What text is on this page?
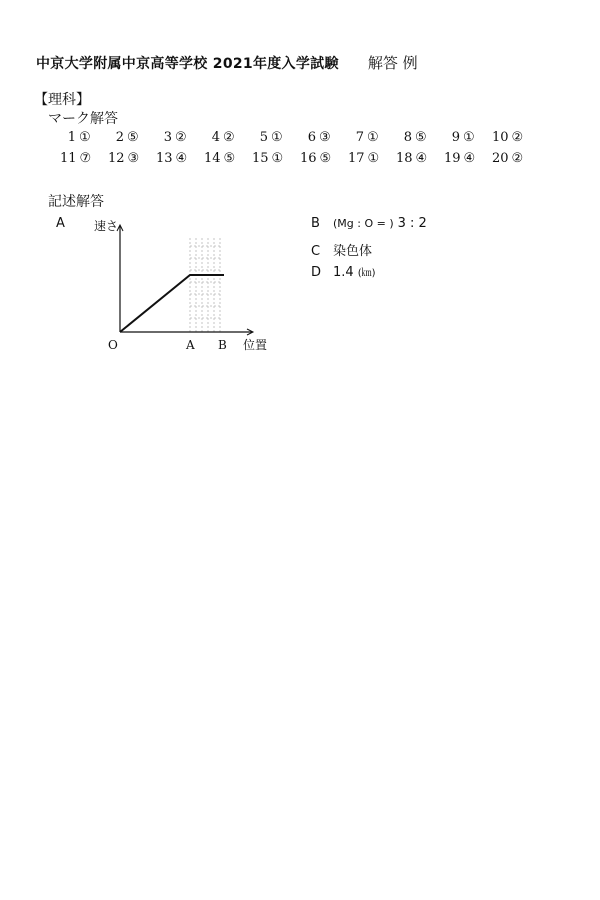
中京大学附属中京高等学校 2021年度入学試験 解答 例
【理科】
マーク解答
1 ① 2 ⑤ 3 ② 4 ② 5 ① 6 ③ 7 ① 8 ⑤ 9 ① 10 ②
11 ⑦ 12 ③ 13 ④ 14 ⑤ 15 ① 16 ⑤ 17 ① 18 ④ 19 ④ 20 ②
記述解答
A 速さ
O	A B 位置
B	(Mg : O = ) 3 : 2
C 染色体
D 1.4 (㎞)
